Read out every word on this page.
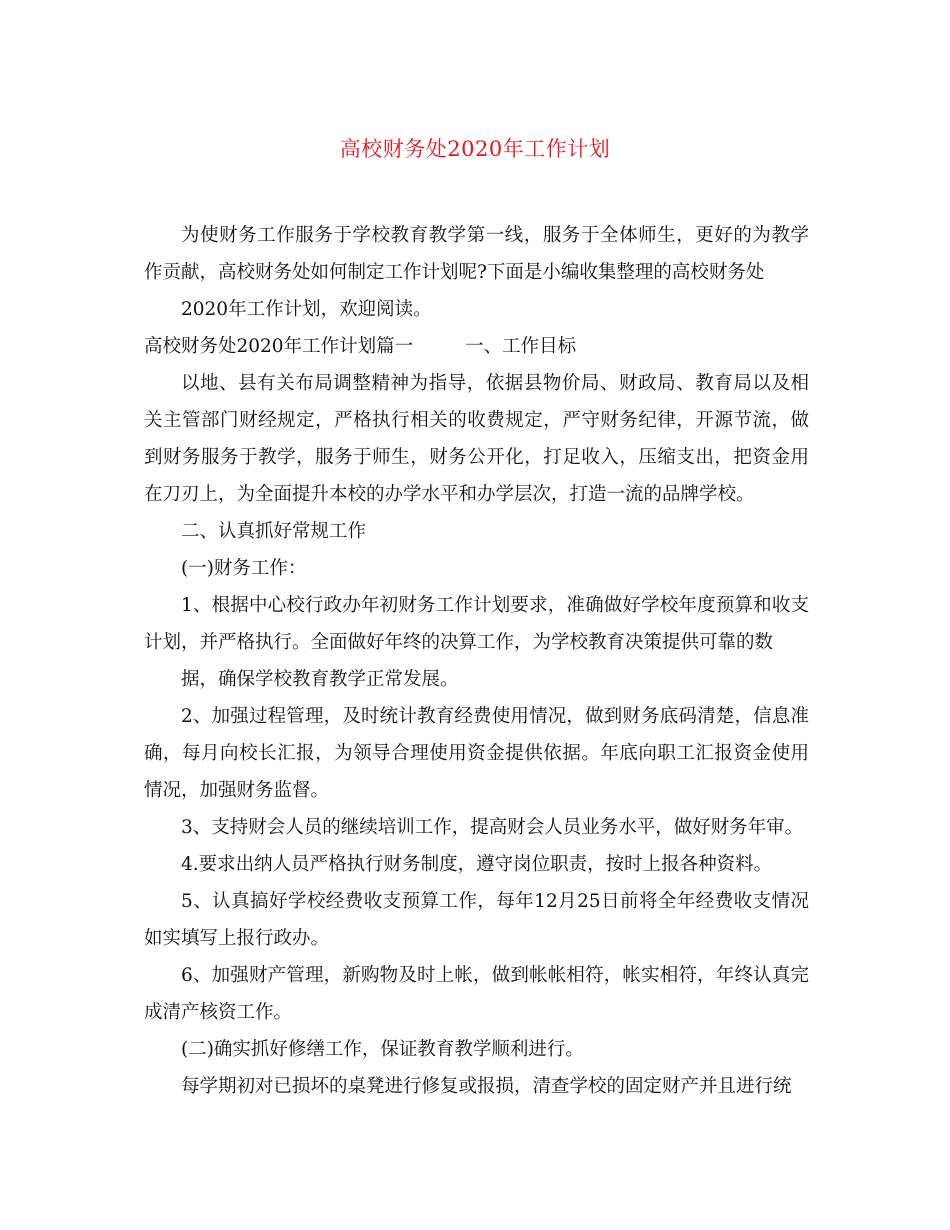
高校财务处2020年工作计划

为使财务工作服务于学校教育教学第一线，服务于全体师生，更好的为教学作贡献，高校财务处如何制定工作计划呢?下面是小编收集整理的高校财务处
2020年工作计划，欢迎阅读。

高校财务处2020年工作计划篇一	一、工作目标

以地、县有关布局调整精神为指导，依据县物价局、财政局、教育局以及相关主管部门财经规定，严格执行相关的收费规定，严守财务纪律，开源节流，做到财务服务于教学，服务于师生，财务公开化，打足收入，压缩支出，把资金用在刀刃上，为全面提升本校的办学水平和办学层次，打造一流的品牌学校。

二、认真抓好常规工作

(一)财务工作：

1、根据中心校行政办年初财务工作计划要求，准确做好学校年度预算和收支计划，并严格执行。全面做好年终的决算工作，为学校教育决策提供可靠的数
据，确保学校教育教学正常发展。

2、加强过程管理，及时统计教育经费使用情况，做到财务底码清楚，信息准确，每月向校长汇报，为领导合理使用资金提供依据。年底向职工汇报资金使用情况，加强财务监督。

3、支持财会人员的继续培训工作，提高财会人员业务水平，做好财务年审。

4.要求出纳人员严格执行财务制度，遵守岗位职责，按时上报各种资料。

5、认真搞好学校经费收支预算工作，每年12月25日前将全年经费收支情况如实填写上报行政办。

6、加强财产管理，新购物及时上帐，做到帐帐相符，帐实相符，年终认真完成清产核资工作。

(二)确实抓好修缮工作，保证教育教学顺利进行。

每学期初对已损坏的桌凳进行修复或报损，清查学校的固定财产并且进行统
